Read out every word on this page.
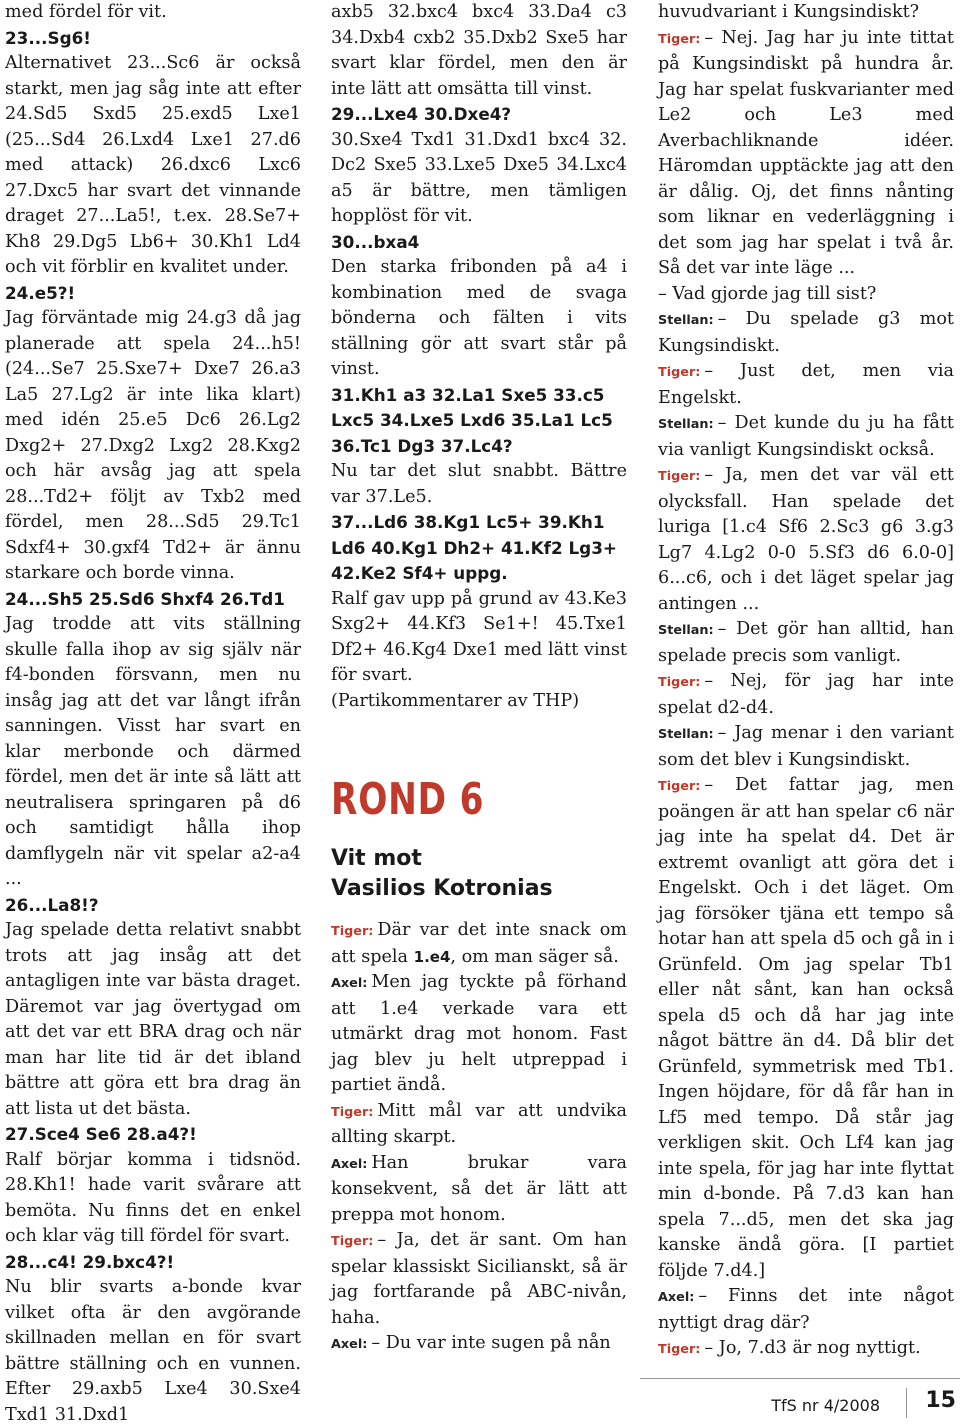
med fördel för vit.

23...Sg6!

Alternativet 23...Sc6 är också starkt, men jag såg inte att efter 24.Sd5 Sxd5 25.exd5 Lxe1 (25...Sd4 26.Lxd4 Lxe1 27.d6 med attack) 26.dxc6 Lxc6 27.Dxc5 har svart det vinnande draget 27...La5!, t.ex. 28.Se7+ Kh8 29.Dg5 Lb6+ 30.Kh1 Ld4 och vit förblir en kvalitet under.

24.e5?!

Jag förväntade mig 24.g3 då jag planerade att spela 24...h5! (24...Se7 25.Sxe7+ Dxe7 26.a3 La5 27.Lg2 är inte lika klart) med idén 25.e5 Dc6 26.Lg2 Dxg2+ 27.Dxg2 Lxg2 28.Kxg2 och här avsåg jag att spela 28...Td2+ följt av Txb2 med fördel, men 28...Sd5 29.Tc1 Sdxf4+ 30.gxf4 Td2+ är ännu starkare och borde vinna.

24...Sh5 25.Sd6 Shxf4 26.Td1

Jag trodde att vits ställning skulle falla ihop av sig själv när f4-bonden försvann, men nu insåg jag att det var långt ifrån sanningen. Visst har svart en klar merbonde och därmed fördel, men det är inte så lätt att neutralisera springaren på d6 och samtidigt hålla ihop damflygeln när vit spelar a2-a4 ...

26...La8!?

Jag spelade detta relativt snabbt trots att jag insåg att det antagligen inte var bästa draget. Däremot var jag övertygad om att det var ett BRA drag och när man har lite tid är det ibland bättre att göra ett bra drag än att lista ut det bästa.

27.Sce4 Se6 28.a4?!

Ralf börjar komma i tidsnöd. 28.Kh1! hade varit svårare att bemöta. Nu finns det en enkel och klar väg till fördel för svart.

28...c4! 29.bxc4?!

Nu blir svarts a-bonde kvar vilket ofta är den avgörande skillnaden mellan en för svart bättre ställning och en vunnen. Efter 29.axb5 Lxe4 30.Sxe4 Txd1 31.Dxd1

axb5 32.bxc4 bxc4 33.Da4 c3 34.Dxb4 cxb2 35.Dxb2 Sxe5 har svart klar fördel, men den är inte lätt att omsätta till vinst.

29...Lxe4 30.Dxe4?

30.Sxe4 Txd1 31.Dxd1 bxc4 32. Dc2 Sxe5 33.Lxe5 Dxe5 34.Lxc4 a5 är bättre, men tämligen hopplöst för vit.

30...bxa4

Den starka fribonden på a4 i kombination med de svaga bönderna och fälten i vits ställning gör att svart står på vinst.

31.Kh1 a3 32.La1 Sxe5 33.c5 Lxc5 34.Lxe5 Lxd6 35.La1 Lc5 36.Tc1 Dg3 37.Lc4?

Nu tar det slut snabbt. Bättre var 37.Le5.

37...Ld6 38.Kg1 Lc5+ 39.Kh1 Ld6 40.Kg1 Dh2+ 41.Kf2 Lg3+ 42.Ke2 Sf4+ uppg.

Ralf gav upp på grund av 43.Ke3 Sxg2+ 44.Kf3 Se1+! 45.Txe1 Df2+ 46.Kg4 Dxe1 med lätt vinst för svart.

(Partikommentarer av THP)

ROND 6
Vit mot
Vasilios Kotronias

Tiger: Där var det inte snack om att spela 1.e4, om man säger så.

Axel: Men jag tyckte på förhand att 1.e4 verkade vara ett utmärkt drag mot honom. Fast jag blev ju helt utpreppad i partiet ändå.

Tiger: Mitt mål var att undvika allting skarpt.

Axel: Han brukar vara konsekvent, så det är lätt att preppa mot honom.

Tiger: – Ja, det är sant. Om han spelar klassiskt Sicilianskt, så är jag fortfarande på ABC-nivån, haha.

Axel: – Du var inte sugen på nån

huvudvariant i Kungsindiskt?

Tiger: – Nej. Jag har ju inte tittat på Kungsindiskt på hundra år. Jag har spelat fuskvarianter med Le2 och Le3 med Averbachliknande idéer. Häromdan upptäckte jag att den är dålig. Oj, det finns nånting som liknar en vederläggning i det som jag har spelat i två år. Så det var inte läge ...

– Vad gjorde jag till sist?

Stellan: – Du spelade g3 mot Kungsindiskt.

Tiger: – Just det, men via Engelskt.

Stellan: – Det kunde du ju ha fått via vanligt Kungsindiskt också.

Tiger: – Ja, men det var väl ett olycksfall. Han spelade det luriga [1.c4 Sf6 2.Sc3 g6 3.g3 Lg7 4.Lg2 0-0 5.Sf3 d6 6.0-0] 6...c6, och i det läget spelar jag antingen ...

Stellan: – Det gör han alltid, han spelade precis som vanligt.

Tiger: – Nej, för jag har inte spelat d2-d4.

Stellan: – Jag menar i den variant som det blev i Kungsindiskt.

Tiger: – Det fattar jag, men poängen är att han spelar c6 när jag inte ha spelat d4. Det är extremt ovanligt att göra det i Engelskt. Och i det läget. Om jag försöker tjäna ett tempo så hotar han att spela d5 och gå in i Grünfeld. Om jag spelar Tb1 eller nåt sånt, kan han också spela d5 och då har jag inte något bättre än d4. Då blir det Grünfeld, symmetrisk med Tb1. Ingen höjdare, för då får han in Lf5 med tempo. Då står jag verkligen skit. Och Lf4 kan jag inte spela, för jag har inte flyttat min d-bonde. På 7.d3 kan han spela 7...d5, men det ska jag kanske ändå göra. [I partiet följde 7.d4.]

Axel: – Finns det inte något nyttigt drag där?

Tiger: – Jo, 7.d3 är nog nyttigt.

TfS nr 4/2008 15
